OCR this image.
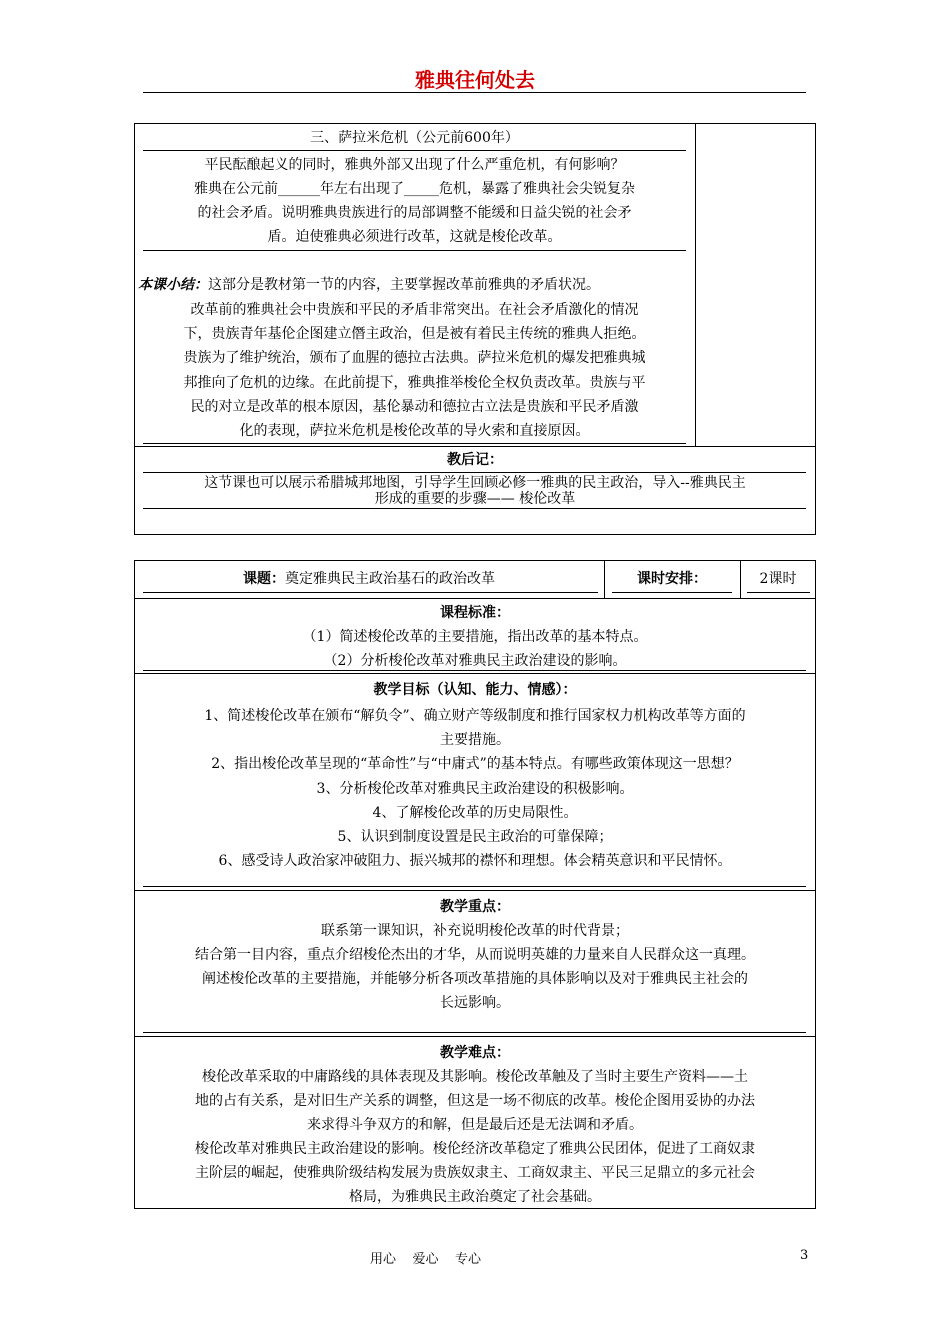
雅典往何处去
三、萨拉米危机（公元前600年）
平民酝酿起义的同时，雅典外部又出现了什么严重危机，有何影响？
雅典在公元前______年左右出现了_____危机，暴露了雅典社会尖锐复杂
的社会矛盾。说明雅典贵族进行的局部调整不能缓和日益尖锐的社会矛
盾。迫使雅典必须进行改革，这就是梭伦改革。
本课小结：这部分是教材第一节的内容，主要掌握改革前雅典的矛盾状况。
改革前的雅典社会中贵族和平民的矛盾非常突出。在社会矛盾激化的情况
下，贵族青年基伦企图建立僭主政治，但是被有着民主传统的雅典人拒绝。
贵族为了维护统治，颁布了血腥的德拉古法典。萨拉米危机的爆发把雅典城
邦推向了危机的边缘。在此前提下，雅典推举梭伦全权负责改革。贵族与平
民的对立是改革的根本原因，基伦暴动和德拉古立法是贵族和平民矛盾激
化的表现，萨拉米危机是梭伦改革的导火索和直接原因。
教后记：
这节课也可以展示希腊城邦地图，引导学生回顾必修一雅典的民主政治，导入--雅典民主
形成的重要的步骤—— 梭伦改革
课题：奠定雅典民主政治基石的政治改革	课时安排：	2课时
课程标准：
（1）简述梭伦改革的主要措施，指出改革的基本特点。
（2）分析梭伦改革对雅典民主政治建设的影响。
教学目标（认知、能力、情感）：
1、简述梭伦改革在颁布“解负令”、确立财产等级制度和推行国家权力机构改革等方面的
主要措施。
2、指出梭伦改革呈现的“革命性”与“中庸式”的基本特点。有哪些政策体现这一思想？
3、分析梭伦改革对雅典民主政治建设的积极影响。
4、了解梭伦改革的历史局限性。
5、认识到制度设置是民主政治的可靠保障；
6、感受诗人政治家冲破阻力、振兴城邦的襟怀和理想。体会精英意识和平民情怀。
教学重点：
联系第一课知识，补充说明梭伦改革的时代背景；
结合第一目内容，重点介绍梭伦杰出的才华，从而说明英雄的力量来自人民群众这一真理。
阐述梭伦改革的主要措施，并能够分析各项改革措施的具体影响以及对于雅典民主社会的
长远影响。
教学难点：
梭伦改革采取的中庸路线的具体表现及其影响。梭伦改革触及了当时主要生产资料——土
地的占有关系，是对旧生产关系的调整，但这是一场不彻底的改革。梭伦企图用妥协的办法
来求得斗争双方的和解，但是最后还是无法调和矛盾。
梭伦改革对雅典民主政治建设的影响。梭伦经济改革稳定了雅典公民团体，促进了工商奴隶
主阶层的崛起，使雅典阶级结构发展为贵族奴隶主、工商奴隶主、平民三足鼎立的多元社会
格局，为雅典民主政治奠定了社会基础。
用心    爱心    专心	3
